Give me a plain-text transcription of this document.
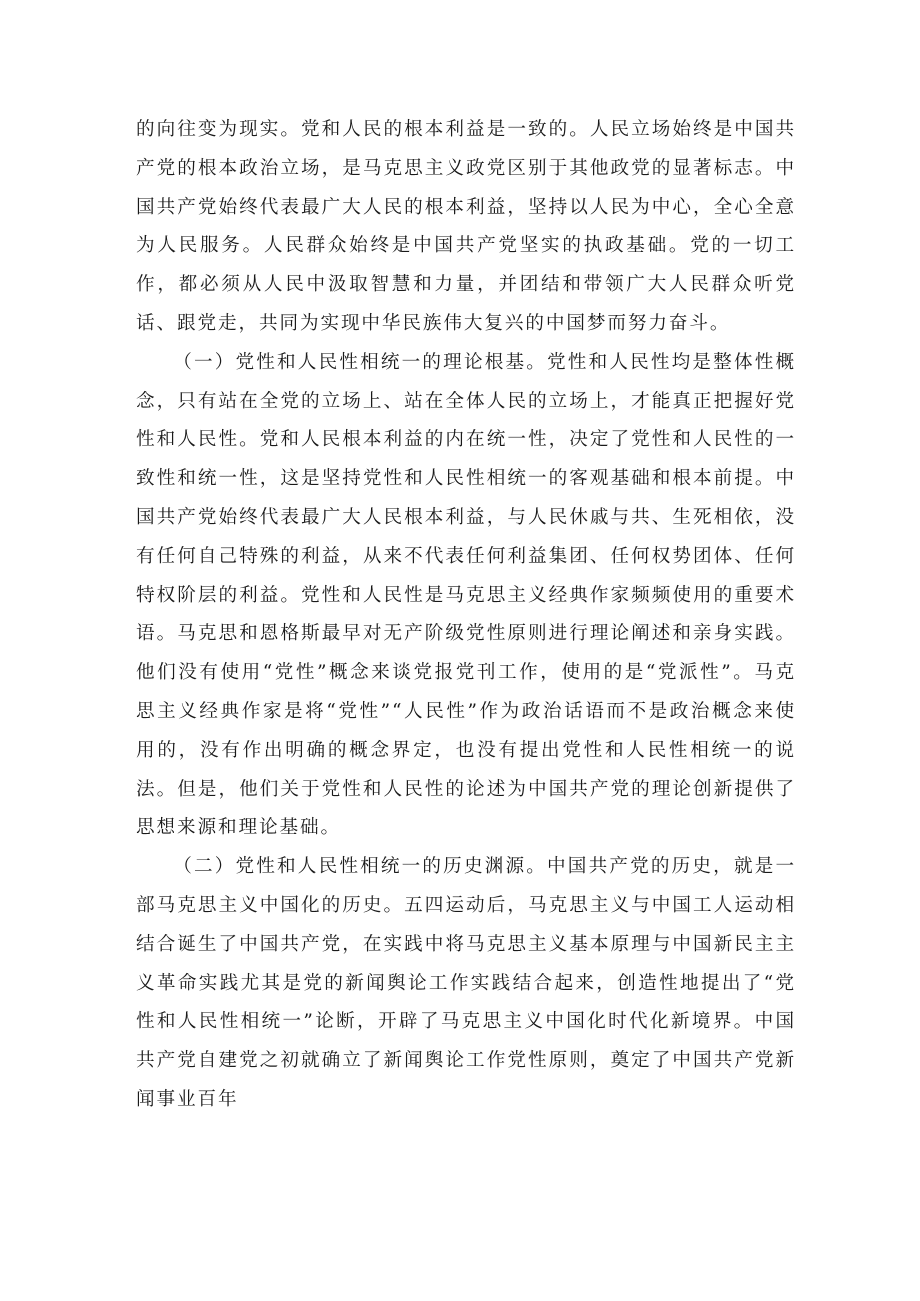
的向往变为现实。党和人民的根本利益是一致的。人民立场始终是中国共产党的根本政治立场，是马克思主义政党区别于其他政党的显著标志。中国共产党始终代表最广大人民的根本利益，坚持以人民为中心，全心全意为人民服务。人民群众始终是中国共产党坚实的执政基础。党的一切工作，都必须从人民中汲取智慧和力量，并团结和带领广大人民群众听党话、跟党走，共同为实现中华民族伟大复兴的中国梦而努力奋斗。

（一）党性和人民性相统一的理论根基。党性和人民性均是整体性概念，只有站在全党的立场上、站在全体人民的立场上，才能真正把握好党性和人民性。党和人民根本利益的内在统一性，决定了党性和人民性的一致性和统一性，这是坚持党性和人民性相统一的客观基础和根本前提。中国共产党始终代表最广大人民根本利益，与人民休戚与共、生死相依，没有任何自己特殊的利益，从来不代表任何利益集团、任何权势团体、任何特权阶层的利益。党性和人民性是马克思主义经典作家频频使用的重要术语。马克思和恩格斯最早对无产阶级党性原则进行理论阐述和亲身实践。他们没有使用“党性”概念来谈党报党刊工作，使用的是“党派性”。马克思主义经典作家是将“党性”“人民性”作为政治话语而不是政治概念来使用的，没有作出明确的概念界定，也没有提出党性和人民性相统一的说法。但是，他们关于党性和人民性的论述为中国共产党的理论创新提供了思想来源和理论基础。

（二）党性和人民性相统一的历史渊源。中国共产党的历史，就是一部马克思主义中国化的历史。五四运动后，马克思主义与中国工人运动相结合诞生了中国共产党，在实践中将马克思主义基本原理与中国新民主主义革命实践尤其是党的新闻舆论工作实践结合起来，创造性地提出了“党性和人民性相统一”论断，开辟了马克思主义中国化时代化新境界。中国共产党自建党之初就确立了新闻舆论工作党性原则，奠定了中国共产党新闻事业百年
